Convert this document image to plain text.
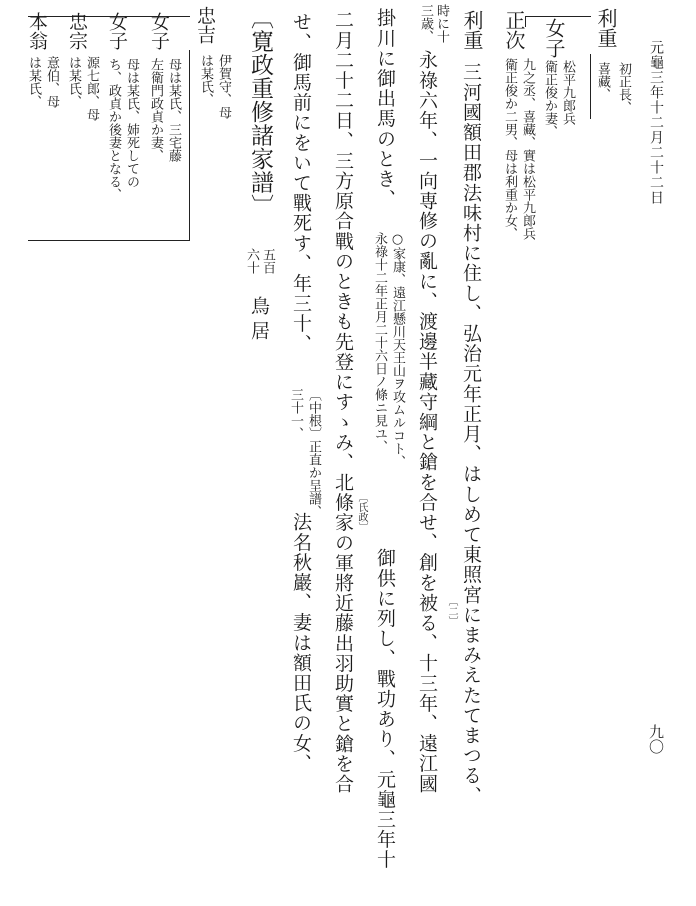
元龜三年十二月二十二日
九〇
利重
初正長、
喜藏、
女子
松平九郎兵
衛正俊か妻、
正次
九之丞、喜藏、實は松平九郎兵
衛正俊か二男、母は利重か女、
利重
三河國額田郡法味村に住し、弘治元年正月、はしめて東照宮にまみえたてまつる、
時に十
三歳、
永祿六年、一向専修の亂に、渡邊半藏守綱と鎗を合せ、創を被る、十三年、遠江國 〔二〕
掛川に御出馬のとき、
○家康、遠江懸川天王山ヲ攻ムルコト、
永祿十二年正月二十六日ノ條ニ見ユ、
御供に列し、戰功あり、元龜三年十
二月二十二日、三方原合戰のときも先登にすゝみ、北條家の軍將近藤出羽助實と鎗を合 〔氏政〕
せ、御馬前にをいて戰死す、年三十、
〔中根〕正直か呈譜、
三十一、
法名秋巖、妻は額田氏の女、
〔寛政重修諸家譜〕
五百
六十
鳥居
忠吉
伊賀守、母
は某氏、
女子
母は某氏、三宅藤
左衛門政貞か妻、
女子
母は某氏、姉死しての
ち、政貞か後妻となる、
忠宗
源七郎、母
は某氏、
本翁
意伯、母
は某氏、
